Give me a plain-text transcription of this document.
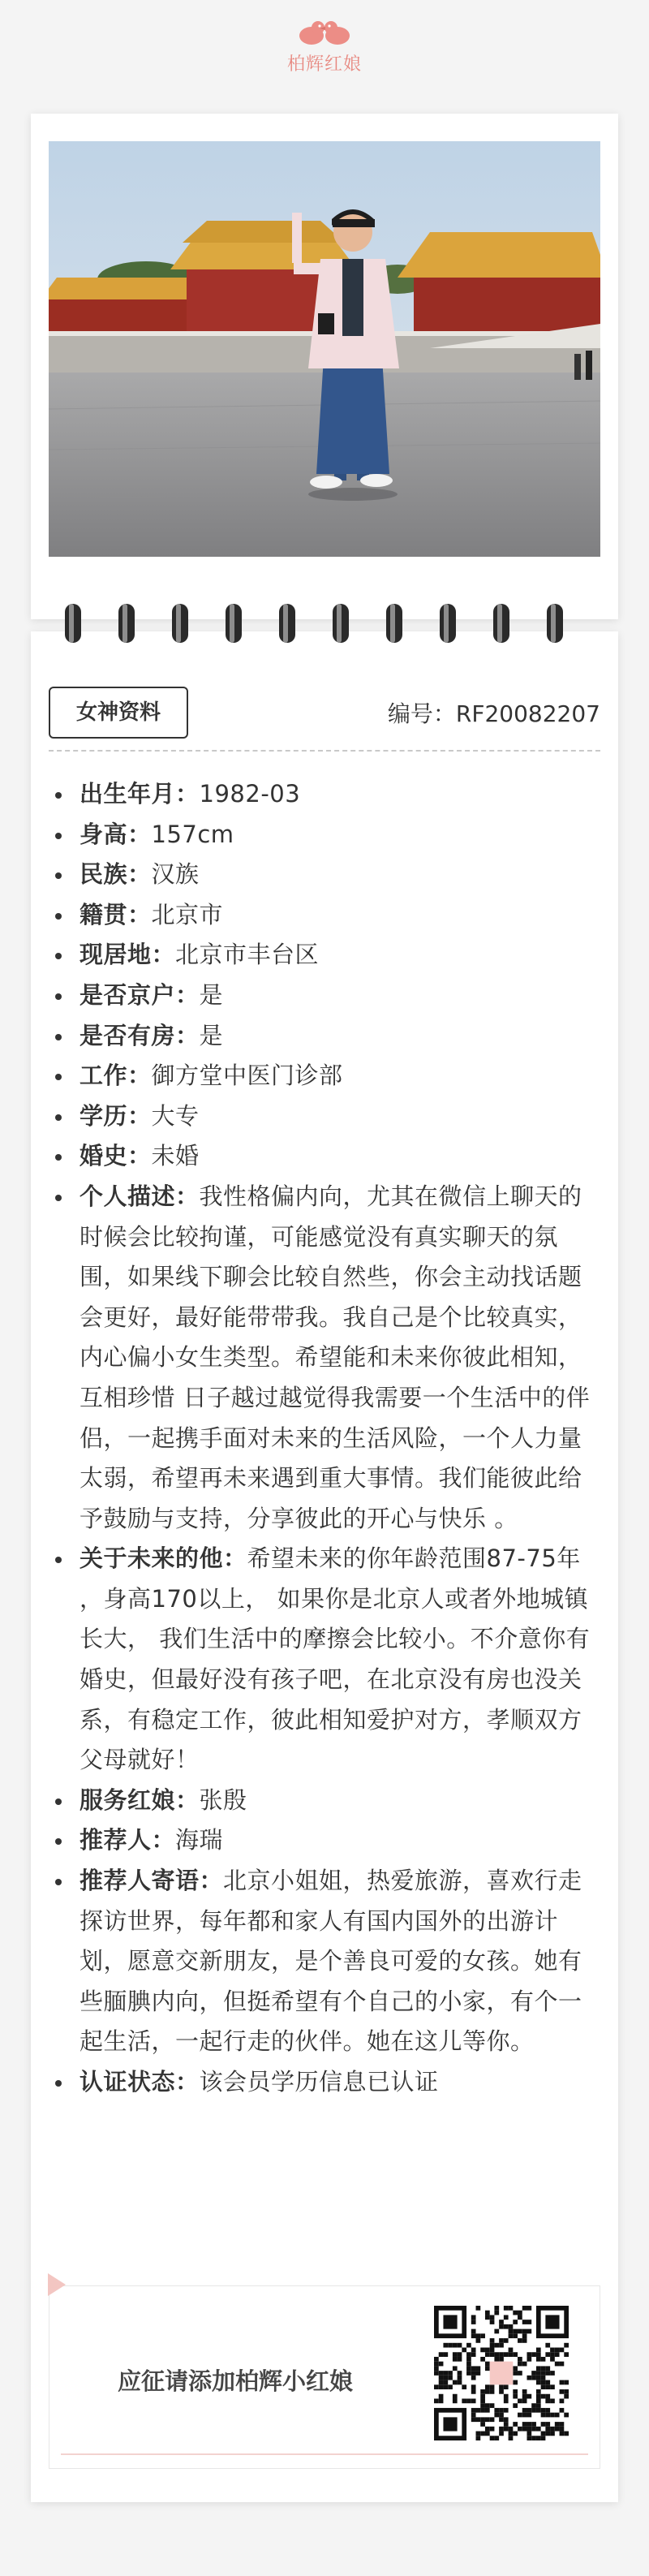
柏辉红娘
女神资料	编号：RF20082207
出生年月：1982-03
身高：157cm
民族：汉族
籍贯：北京市
现居地：北京市丰台区
是否京户：是
是否有房：是
工作：御方堂中医门诊部
学历：大专
婚史：未婚
个人描述：我性格偏内向，尤其在微信上聊天的时候会比较拘谨，可能感觉没有真实聊天的氛围，如果线下聊会比较自然些，你会主动找话题会更好，最好能带带我。我自己是个比较真实，内心偏小女生类型。希望能和未来你彼此相知，互相珍惜 日子越过越觉得我需要一个生活中的伴侣，一起携手面对未来的生活风险，一个人力量太弱，希望再未来遇到重大事情。我们能彼此给予鼓励与支持，分享彼此的开心与快乐 。
关于未来的他：希望未来的你年龄范围87-75年 ，身高170以上， 如果你是北京人或者外地城镇长大， 我们生活中的摩擦会比较小。不介意你有婚史，但最好没有孩子吧，在北京没有房也没关系，有稳定工作，彼此相知爱护对方，孝顺双方父母就好！
服务红娘：张殷
推荐人：海瑞
推荐人寄语：北京小姐姐，热爱旅游，喜欢行走探访世界，每年都和家人有国内国外的出游计划，愿意交新朋友，是个善良可爱的女孩。她有些腼腆内向，但挺希望有个自己的小家，有个一起生活，一起行走的伙伴。她在这儿等你。
认证状态：该会员学历信息已认证
应征请添加柏辉小红娘
